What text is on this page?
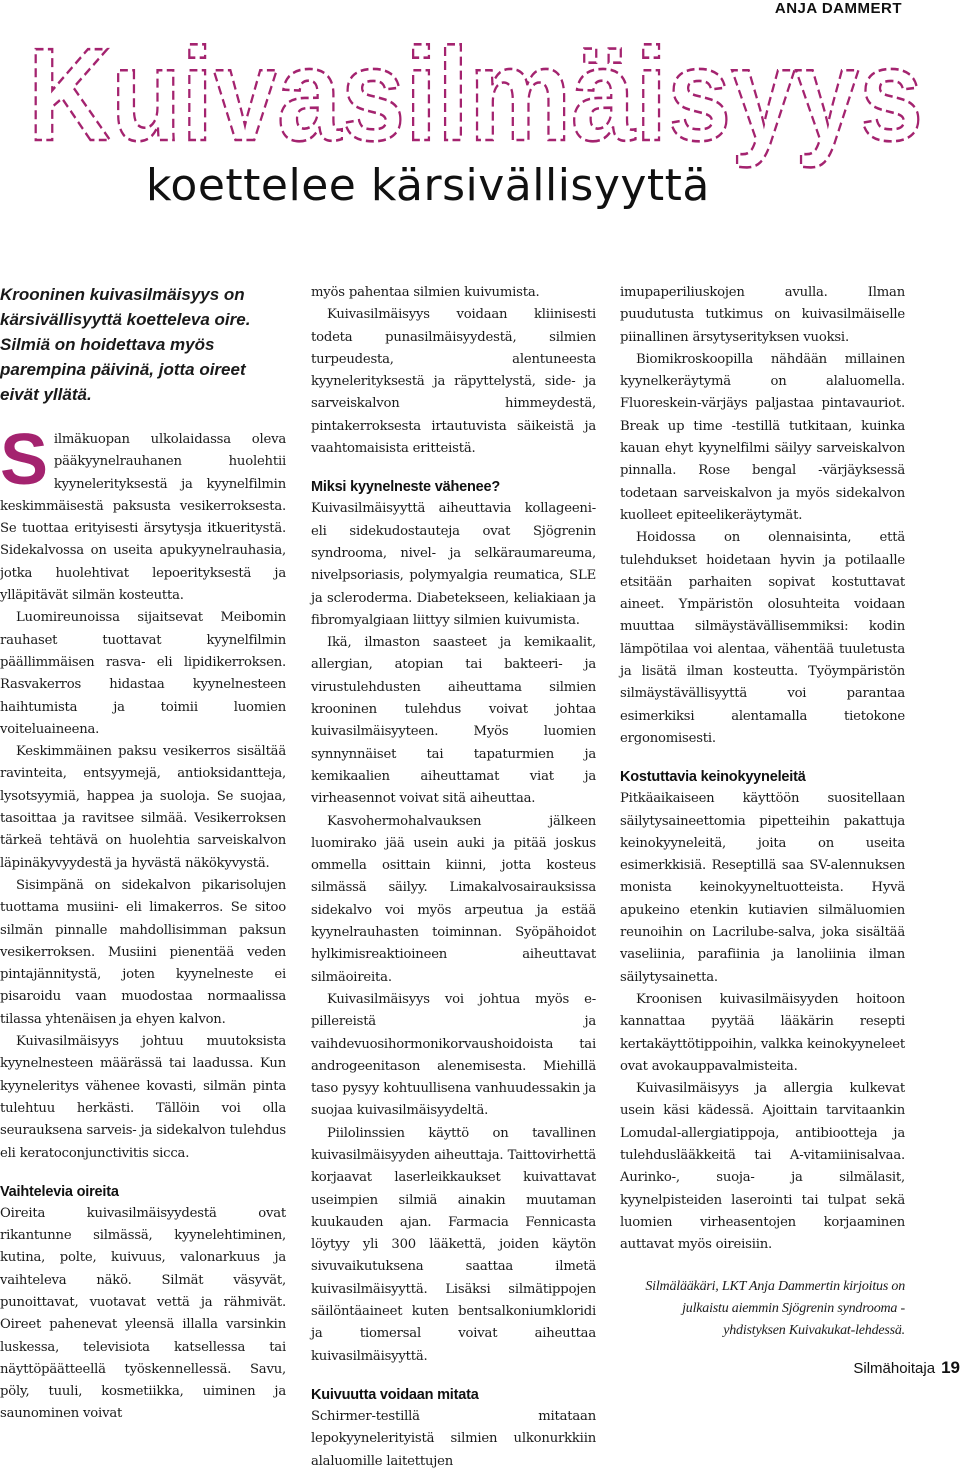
ANJA DAMMERT
Kuivasilmäisyys
koettelee kärsivällisyyttä

Krooninen kuivasilmäisyys on kärsivällisyyttä koetteleva oire. Silmiä on hoidettava myös parempina päivinä, jotta oireet eivät yllätä.

Silmäkuopan ulkolaidassa oleva pääkyynelrauhanen huolehtii kyynelerityksestä ja kyynelfilmin keskimmäisestä paksusta vesikerroksesta. Se tuottaa erityisesti ärsytysja itkueritystä. Sidekalvossa on useita apukyynelrauhasia, jotka huolehtivat lepoerityksestä ja ylläpitävät silmän kosteutta.

Luomireunoissa sijaitsevat Meibomin rauhaset tuottavat kyynelfilmin päällimmäisen rasva- eli lipidikerroksen. Rasvakerros hidastaa kyynelnesteen haihtumista ja toimii luomien voiteluaineena.

Keskimmäinen paksu vesikerros sisältää ravinteita, entsyymejä, antioksidantteja, lysotsyymiä, happea ja suoloja. Se suojaa, tasoittaa ja ravitsee silmää. Vesikerroksen tärkeä tehtävä on huolehtia sarveiskalvon läpinäkyvyydestä ja hyvästä näkökyvystä.

Sisimpänä on sidekalvon pikarisolujen tuottama musiini- eli limakerros. Se sitoo silmän pinnalle mahdollisimman paksun vesikerroksen. Musiini pienentää veden pintajännitystä, joten kyynelneste ei pisaroidu vaan muodostaa normaalissa tilassa yhtenäisen ja ehyen kalvon.

Kuivasilmäisyys johtuu muutoksista kyynelnesteen määrässä tai laadussa. Kun kyyneleritys vähenee kovasti, silmän pinta tulehtuu herkästi. Tällöin voi olla seurauksena sarveis- ja sidekalvon tulehdus eli keratoconjunctivitis sicca.

Vaihtelevia oireita

Oireita kuivasilmäisyydestä ovat rikantunne silmässä, kyynelehtiminen, kutina, polte, kuivuus, valonarkuus ja vaihteleva näkö. Silmät väsyvät, punoittavat, vuotavat vettä ja rähmivät. Oireet pahenevat yleensä illalla varsinkin luskessa, televisiota katsellessa tai näyttöpäätteellä työskennellessä. Savu, pöly, tuuli, kosmetiikka, uiminen ja saunominen voivat

myös pahentaa silmien kuivumista.

Kuivasilmäisyys voidaan kliinisesti todeta punasilmäisyydestä, silmien turpeudesta, alentuneesta kyynelerityksestä ja räpyttelystä, side- ja sarveiskalvon himmeydestä, pintakerroksesta irtautuvista säikeistä ja vaahtomaisista eritteistä.

Miksi kyynelneste vähenee?

Kuivasilmäisyyttä aiheuttavia kollageeni- eli sidekudostauteja ovat Sjögrenin syndrooma, nivel- ja selkäraumareuma, nivelpsoriasis, polymyalgia reumatica, SLE ja scleroderma. Diabetekseen, keliakiaan ja fibromyalgiaan liittyy silmien kuivumista.

Ikä, ilmaston saasteet ja kemikaalit, allergian, atopian tai bakteeri- ja virustulehdusten aiheuttama silmien krooninen tulehdus voivat johtaa kuivasilmäisyyteen. Myös luomien synnynnäiset tai tapaturmien ja kemikaalien aiheuttamat viat ja virheasennot voivat sitä aiheuttaa.

Kasvohermohalvauksen jälkeen luomirako jää usein auki ja pitää joskus ommella osittain kiinni, jotta kosteus silmässä säilyy. Limakalvosairauksissa sidekalvo voi myös arpeutua ja estää kyynelrauhasten toiminnan. Syöpähoidot hylkimisreaktioineen aiheuttavat silmäoireita.

Kuivasilmäisyys voi johtua myös e-pillereistä ja vaihdevuosihormonikorvaushoidoista tai androgeenitason alenemisesta. Miehillä taso pysyy kohtuullisena vanhuudessakin ja suojaa kuivasilmäisyydeltä.

Piilolinssien käyttö on tavallinen kuivasilmäisyyden aiheuttaja. Taittovirhettä korjaavat laserleikkaukset kuivattavat useimpien silmiä ainakin muutaman kuukauden ajan. Farmacia Fennicasta löytyy yli 300 lääkettä, joiden käytön sivuvaikutuksena saattaa ilmetä kuivasilmäisyyttä. Lisäksi silmätippojen säilöntäaineet kuten bentsalkoniumkloridi ja tiomersal voivat aiheuttaa kuivasilmäisyyttä.

Kuivuutta voidaan mitata

Schirmer-testillä mitataan lepokyynelerityistä silmien ulkonurkkiin alaluomille laitettujen

imupaperiliuskojen avulla. Ilman puudutusta tutkimus on kuivasilmäiselle piinallinen ärsytyserityksen vuoksi.

Biomikroskoopilla nähdään millainen kyynelkeräytymä on alaluomella. Fluoreskein-värjäys paljastaa pintavauriot. Break up time -testillä tutkitaan, kuinka kauan ehyt kyynelfilmi säilyy sarveiskalvon pinnalla. Rose bengal -värjäyksessä todetaan sarveiskalvon ja myös sidekalvon kuolleet epiteelikeräytymät.

Hoidossa on olennaisinta, että tulehdukset hoidetaan hyvin ja potilaalle etsitään parhaiten sopivat kostuttavat aineet. Ympäristön olosuhteita voidaan muuttaa silmäystävällisemmiksi: kodin lämpötilaa voi alentaa, vähentää tuuletusta ja lisätä ilman kosteutta. Työympäristön silmäystävällisyyttä voi parantaa esimerkiksi alentamalla tietokone ergonomisesti.

Kostuttavia keinokyyneleitä

Pitkäaikaiseen käyttöön suositellaan säilytysaineettomia pipetteihin pakattuja keinokyyneleitä, joita on useita esimerkkisiä. Reseptillä saa SV-alennuksen monista keinokyyneltuotteista. Hyvä apukeino etenkin kutiavien silmäluomien reunoihin on Lacrilube-salva, joka sisältää vaseliinia, parafiinia ja lanoliinia ilman säilytysainetta.

Kroonisen kuivasilmäisyyden hoitoon kannattaa pyytää lääkärin resepti kertakäyttötippoihin, valkka keinokyyneleet ovat avokauppavalmisteita.

Kuivasilmäisyys ja allergia kulkevat usein käsi kädessä. Ajoittain tarvitaankin Lomudal-allergiatippoja, antibiootteja ja tulehduslääkkeitä tai A-vitamiinisalvaa. Aurinko-, suoja- ja silmälasit, kyynelpisteiden laserointi tai tulpat sekä luomien virheasentojen korjaaminen auttavat myös oireisiin.

Silmälääkäri, LKT Anja Dammertin kirjoitus on julkaistu aiemmin Sjögrenin syndrooma -yhdistyksen Kuivakukat-lehdessä.

Silmähoitaja 19
